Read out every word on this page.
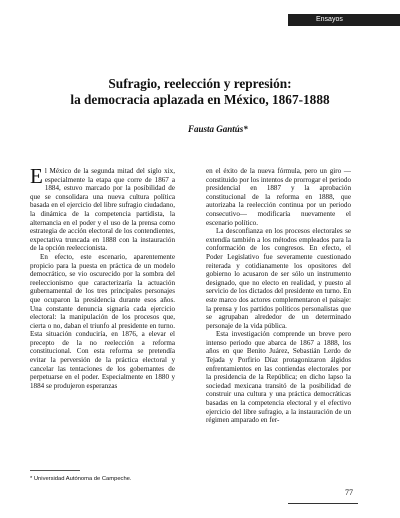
Ensayos
Sufragio, reelección y represión:
la democracia aplazada en México, 1867-1888
Fausta Gantús*

El México de la segunda mitad del siglo xix, especialmente la etapa que corre de 1867 a 1884, estuvo marcado por la posibilidad de que se consolidara una nueva cultura política basada en el ejercicio del libre sufragio ciudadano, la dinámica de la competencia partidista, la alternancia en el poder y el uso de la prensa como estrategia de acción electoral de los contendientes, expectativa truncada en 1888 con la instauración de la opción reeleccionista.

En efecto, este escenario, aparentemente propicio para la puesta en práctica de un modelo democrático, se vio oscurecido por la sombra del reeleccionismo que caracterizaría la actuación gubernamental de los tres principales personajes que ocuparon la presidencia durante esos años. Una constante denuncia signaría cada ejercicio electoral: la manipulación de los procesos que, cierta o no, daban el triunfo al presidente en turno. Esta situación conduciría, en 1876, a elevar el precepto de la no reelección a reforma constitucional. Con esta reforma se pretendía evitar la perversión de la práctica electoral y cancelar las tentaciones de los gobernantes de perpetuarse en el poder. Especialmente en 1880 y 1884 se produjeron esperanzas

en el éxito de la nueva fórmula, pero un giro —constituido por los intentos de prorrogar el periodo presidencial en 1887 y la aprobación constitucional de la reforma en 1888, que autorizaba la reelección continua por un periodo consecutivo— modificaría nuevamente el escenario político.

La desconfianza en los procesos electorales se extendía también a los métodos empleados para la conformación de los congresos. En efecto, el Poder Legislativo fue severamente cuestionado reiterada y cotidianamente los opositores del gobierno lo acusaron de ser sólo un instrumento designado, que no electo en realidad, y puesto al servicio de los dictados del presidente en turno. En este marco dos actores complementaron el paisaje: la prensa y los partidos políticos personalistas que se agrupaban alrededor de un determinado personaje de la vida pública.

Esta investigación comprende un breve pero intenso periodo que abarca de 1867 a 1888, los años en que Benito Juárez, Sebastián Lerdo de Tejada y Porfirio Díaz protagonizaron álgidos enfrentamientos en las contiendas electorales por la presidencia de la República; en dicho lapso la sociedad mexicana transitó de la posibilidad de construir una cultura y una práctica democráticas basadas en la competencia electoral y el efectivo ejercicio del libre sufragio, a la instauración de un régimen amparado en fer-

* Universidad Autónoma de Campeche.
77
